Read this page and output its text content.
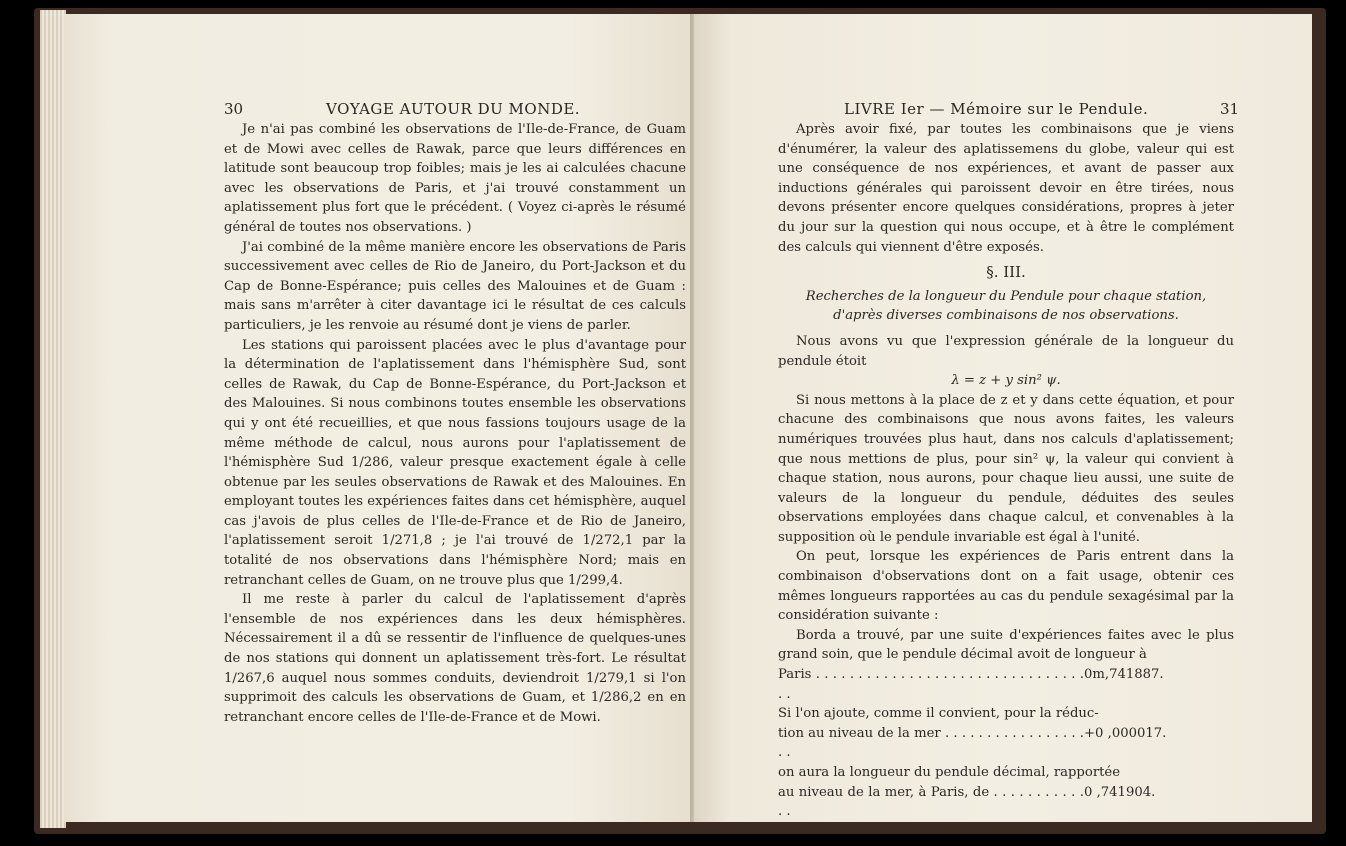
30	VOYAGE AUTOUR DU MONDE.

Je n'ai pas combiné les observations de l'Ile-de-France, de Guam et de Mowi avec celles de Rawak, parce que leurs différences en latitude sont beaucoup trop foibles; mais je les ai calculées chacune avec les observations de Paris, et j'ai trouvé constamment un aplatissement plus fort que le précédent. ( Voyez ci-après le résumé général de toutes nos observations. )

J'ai combiné de la même manière encore les observations de Paris successivement avec celles de Rio de Janeiro, du Port-Jackson et du Cap de Bonne-Espérance; puis celles des Malouines et de Guam : mais sans m'arrêter à citer davantage ici le résultat de ces calculs particuliers, je les renvoie au résumé dont je viens de parler.

Les stations qui paroissent placées avec le plus d'avantage pour la détermination de l'aplatissement dans l'hémisphère Sud, sont celles de Rawak, du Cap de Bonne-Espérance, du Port-Jackson et des Malouines. Si nous combinons toutes ensemble les observations qui y ont été recueillies, et que nous fassions toujours usage de la même méthode de calcul, nous aurons pour l'aplatissement de l'hémisphère Sud 1/286, valeur presque exactement égale à celle obtenue par les seules observations de Rawak et des Malouines. En employant toutes les expériences faites dans cet hémisphère, auquel cas j'avois de plus celles de l'Ile-de-France et de Rio de Janeiro, l'aplatissement seroit 1/271,8 ; je l'ai trouvé de 1/272,1 par la totalité de nos observations dans l'hémisphère Nord; mais en retranchant celles de Guam, on ne trouve plus que 1/299,4.

Il me reste à parler du calcul de l'aplatissement d'après l'ensemble de nos expériences dans les deux hémisphères. Nécessairement il a dû se ressentir de l'influence de quelques-unes de nos stations qui donnent un aplatissement très-fort. Le résultat 1/267,6 auquel nous sommes conduits, deviendroit 1/279,1 si l'on supprimoit des calculs les observations de Guam, et 1/286,2 en en retranchant encore celles de l'Ile-de-France et de Mowi.

LIVRE Ier — Mémoire sur le Pendule.	31

Après avoir fixé, par toutes les combinaisons que je viens d'énumérer, la valeur des aplatissemens du globe, valeur qui est une conséquence de nos expériences, et avant de passer aux inductions générales qui paroissent devoir en être tirées, nous devons présenter encore quelques considérations, propres à jeter du jour sur la question qui nous occupe, et à être le complément des calculs qui viennent d'être exposés.

§. III.

Recherches de la longueur du Pendule pour chaque station,

d'après diverses combinaisons de nos observations.

Nous avons vu que l'expression générale de la longueur du pendule étoit

λ = z + y sin² ψ.

Si nous mettons à la place de z et y dans cette équation, et pour chacune des combinaisons que nous avons faites, les valeurs numériques trouvées plus haut, dans nos calculs d'aplatissement; que nous mettions de plus, pour sin² ψ, la valeur qui convient à chaque station, nous aurons, pour chaque lieu aussi, une suite de valeurs de la longueur du pendule, déduites des seules observations employées dans chaque calcul, et convenables à la supposition où le pendule invariable est égal à l'unité.

On peut, lorsque les expériences de Paris entrent dans la combinaison d'observations dont on a fait usage, obtenir ces mêmes longueurs rapportées au cas du pendule sexagésimal par la considération suivante :

Borda a trouvé, par une suite d'expériences faites avec le plus grand soin, que le pendule décimal avoit de longueur à

Paris . . . . . . . . . . . . . . . . . . . . . . . . . . . . . . . . . .
0m,741887.

Si l'on ajoute, comme il convient, pour la réduc-

tion au niveau de la mer . . . . . . . . . . . . . . . . . . .
+0 ,000017.

on aura la longueur du pendule décimal, rapportée

au niveau de la mer, à Paris, de . . . . . . . . . . . . .
0 ,741904.
